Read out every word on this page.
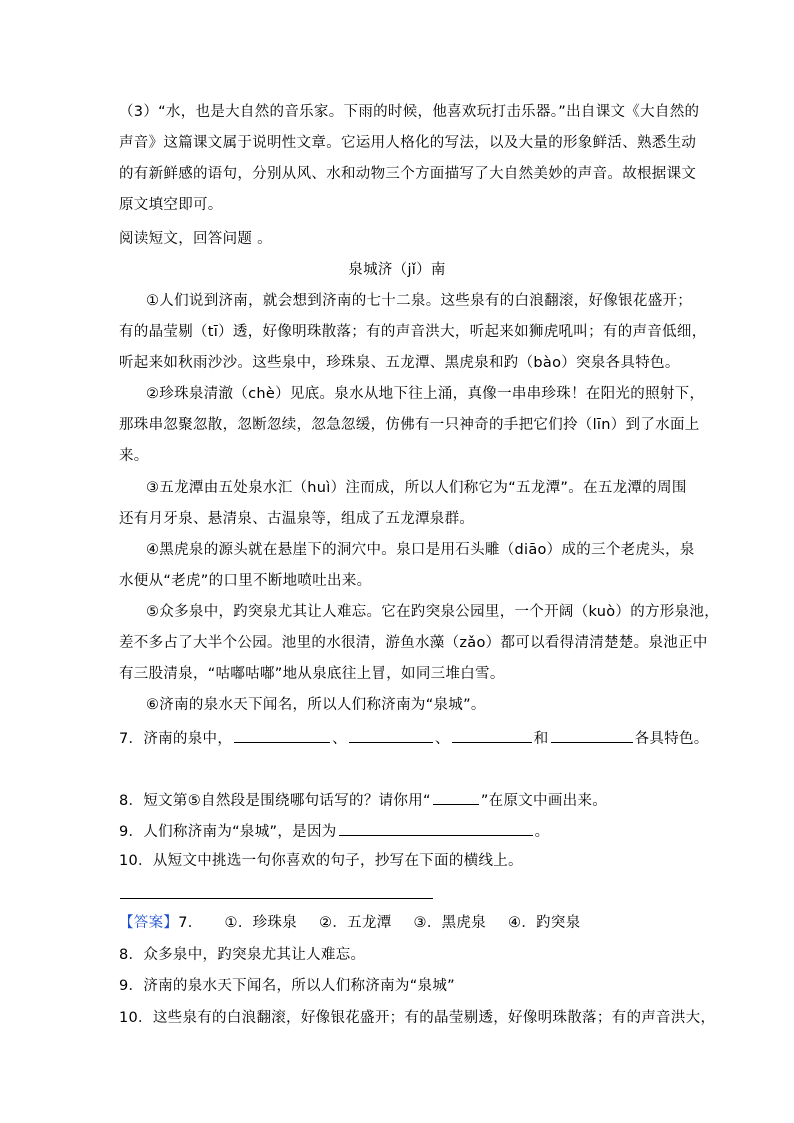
（3）“水，也是大自然的音乐家。下雨的时候，他喜欢玩打击乐器。”出自课文《大自然的
声音》这篇课文属于说明性文章。它运用人格化的写法，以及大量的形象鲜活、熟悉生动
的有新鲜感的语句，分别从风、水和动物三个方面描写了大自然美妙的声音。故根据课文
原文填空即可。
阅读短文，回答问题 。
泉城济（jǐ）南
①人们说到济南，就会想到济南的七十二泉。这些泉有的白浪翻滚，好像银花盛开；
有的晶莹剔（tī）透，好像明珠散落；有的声音洪大，听起来如狮虎吼叫；有的声音低细，
听起来如秋雨沙沙。这些泉中，珍珠泉、五龙潭、黑虎泉和趵（bào）突泉各具特色。
②珍珠泉清澈（chè）见底。泉水从地下往上涌，真像一串串珍珠！在阳光的照射下，
那珠串忽聚忽散，忽断忽续，忽急忽缓，仿佛有一只神奇的手把它们拎（līn）到了水面上
来。
③五龙潭由五处泉水汇（huì）注而成，所以人们称它为“五龙潭”。在五龙潭的周围
还有月牙泉、悬清泉、古温泉等，组成了五龙潭泉群。
④黑虎泉的源头就在悬崖下的洞穴中。泉口是用石头雕（diāo）成的三个老虎头，泉
水便从“老虎”的口里不断地喷吐出来。
⑤众多泉中，趵突泉尤其让人难忘。它在趵突泉公园里，一个开阔（kuò）的方形泉池，
差不多占了大半个公园。池里的水很清，游鱼水藻（zǎo）都可以看得清清楚楚。泉池正中
有三股清泉，“咕嘟咕嘟”地从泉底往上冒，如同三堆白雪。
⑥济南的泉水天下闻名，所以人们称济南为“泉城”。
7．济南的泉中，	、	、	和	各具特色。
8．短文第⑤自然段是围绕哪句话写的？请你用“	”在原文中画出来。
9．人们称济南为“泉城”，是因为	。
10．从短文中挑选一句你喜欢的句子，抄写在下面的横线上。
【答案】7． ①．珍珠泉 ②．五龙潭 ③．黑虎泉 ④．趵突泉
8．众多泉中，趵突泉尤其让人难忘。
9．济南的泉水天下闻名，所以人们称济南为“泉城”
10．这些泉有的白浪翻滚，好像银花盛开；有的晶莹剔透，好像明珠散落；有的声音洪大，
